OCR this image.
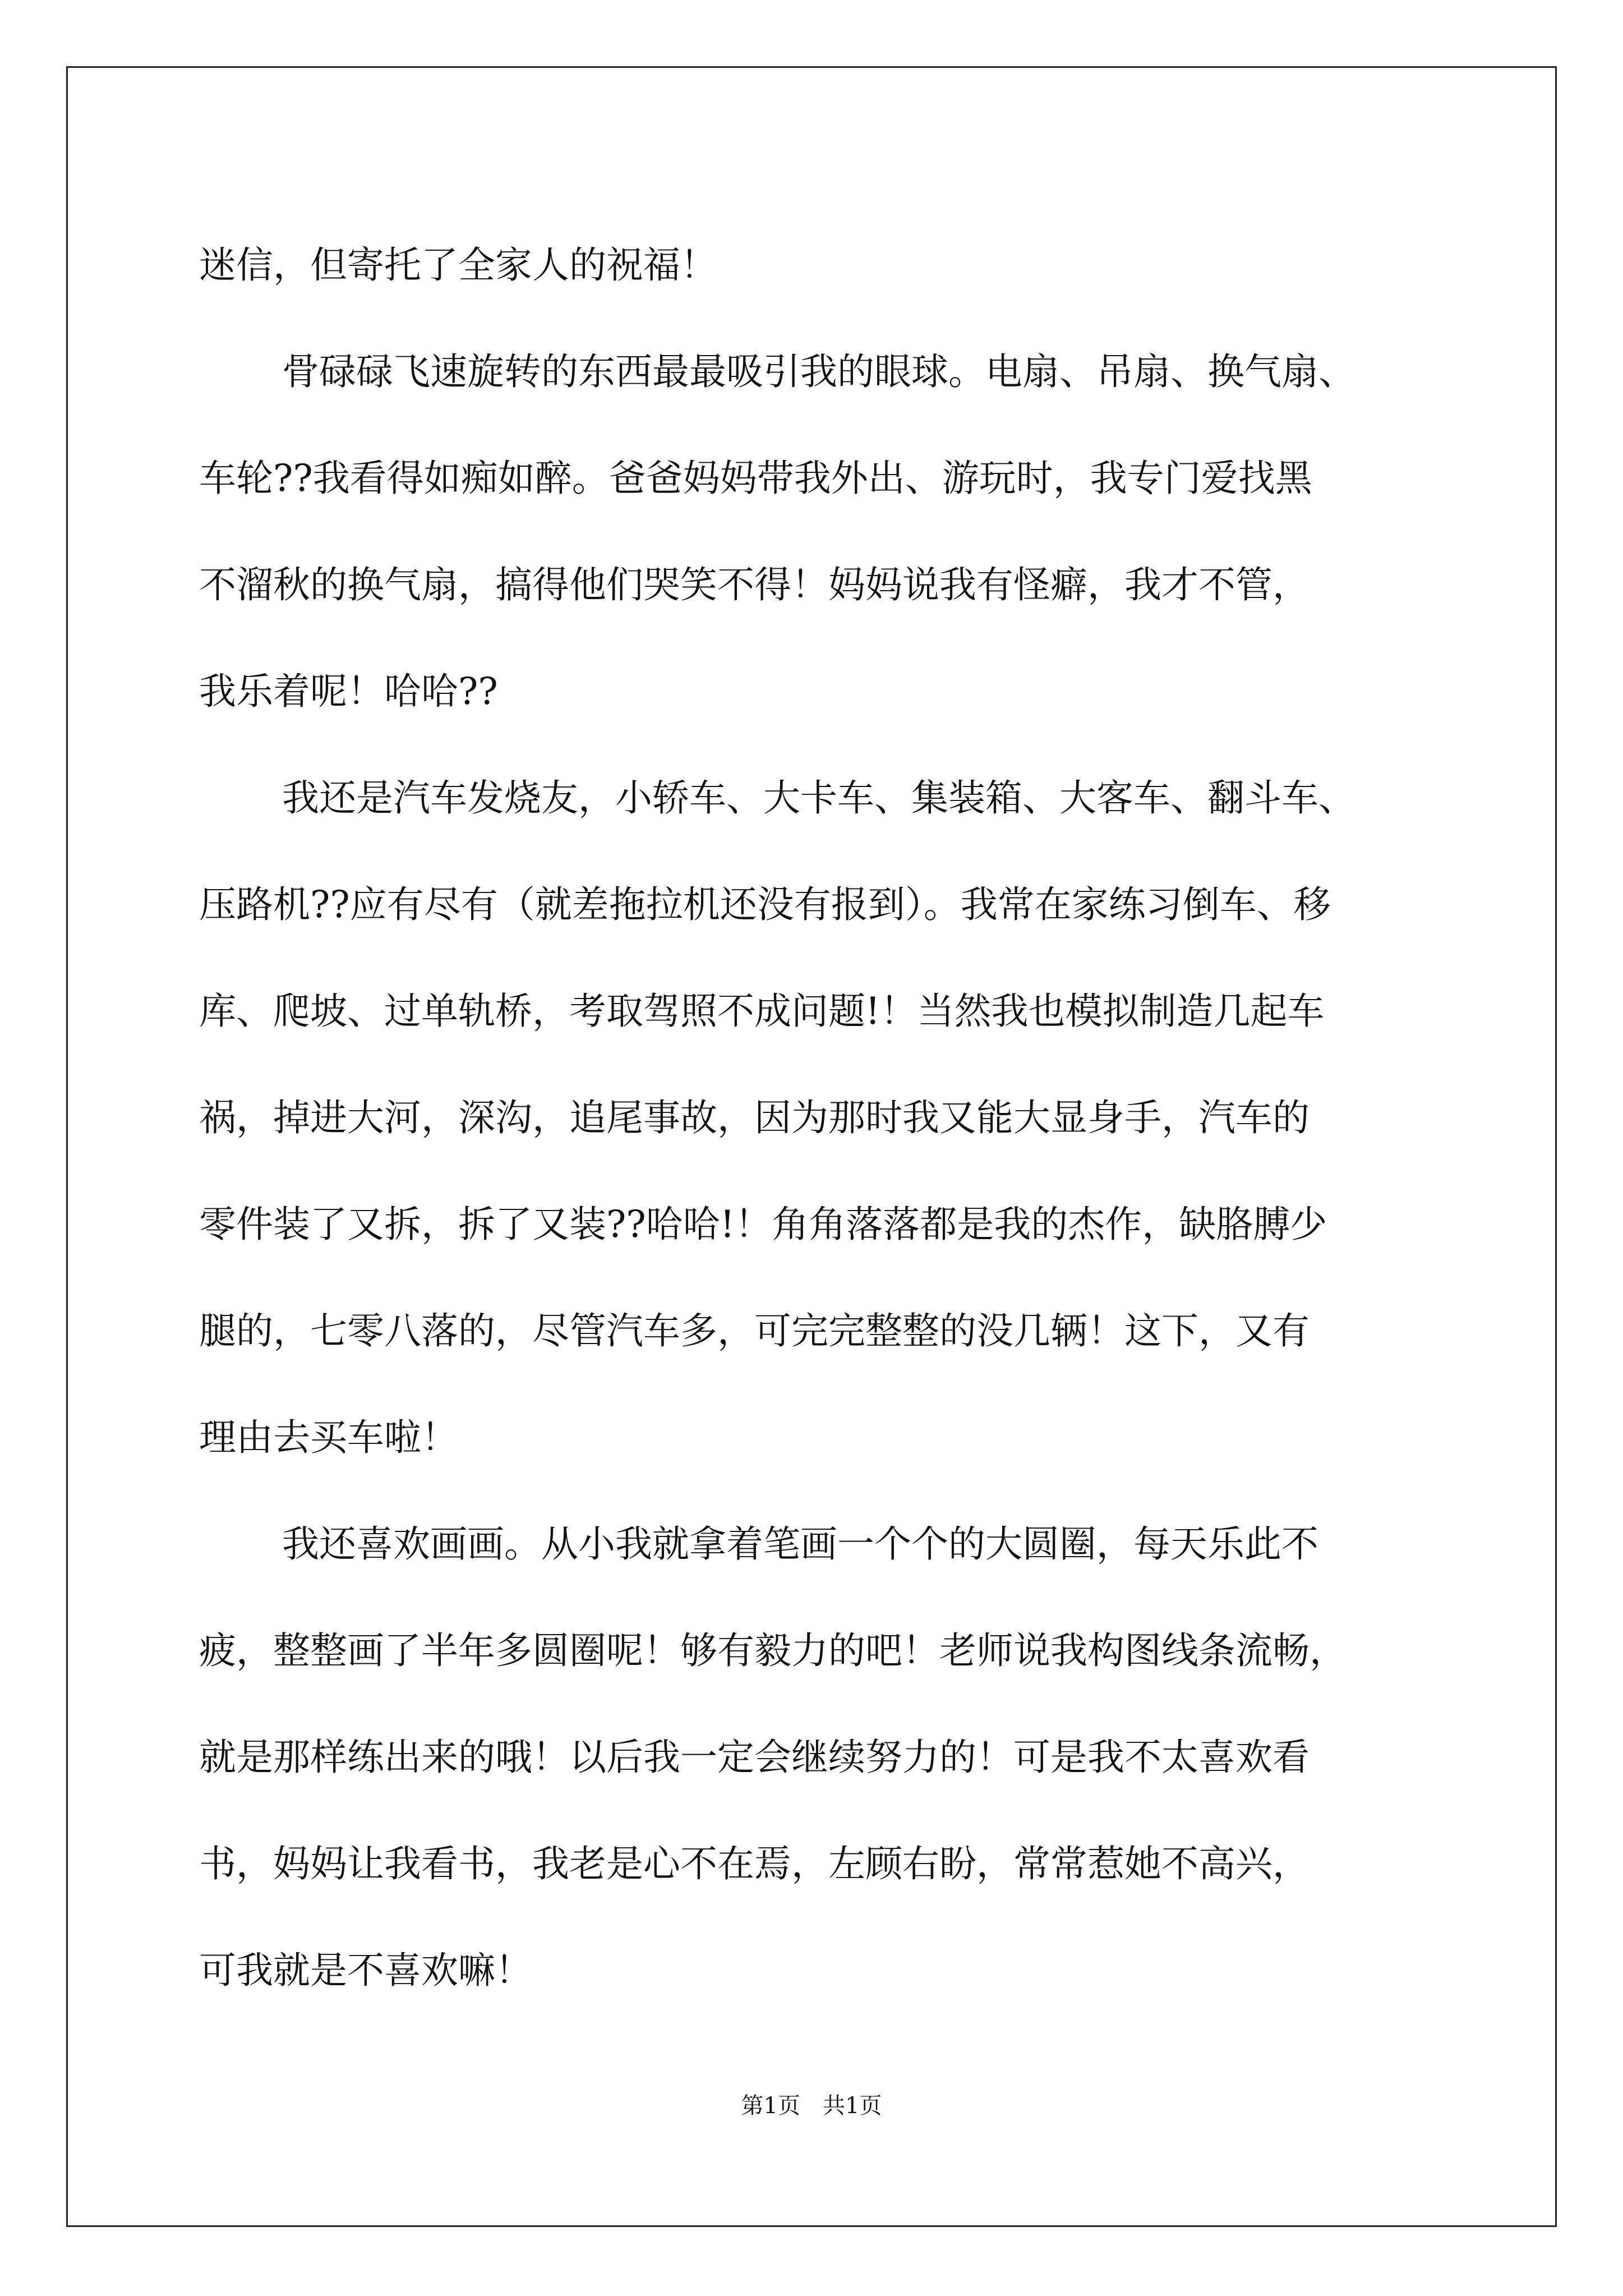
迷信，但寄托了全家人的祝福！
骨碌碌飞速旋转的东西最最吸引我的眼球。电扇、吊扇、换气扇、
车轮??我看得如痴如醉。爸爸妈妈带我外出、游玩时，我专门爱找黑
不溜秋的换气扇，搞得他们哭笑不得！妈妈说我有怪癖，我才不管，
我乐着呢！哈哈??
我还是汽车发烧友，小轿车、大卡车、集装箱、大客车、翻斗车、
压路机??应有尽有（就差拖拉机还没有报到）。我常在家练习倒车、移
库、爬坡、过单轨桥，考取驾照不成问题!！当然我也模拟制造几起车
祸，掉进大河，深沟，追尾事故，因为那时我又能大显身手，汽车的
零件装了又拆，拆了又装??哈哈!！角角落落都是我的杰作，缺胳膊少
腿的，七零八落的，尽管汽车多，可完完整整的没几辆！这下，又有
理由去买车啦！
我还喜欢画画。从小我就拿着笔画一个个的大圆圈，每天乐此不
疲，整整画了半年多圆圈呢！够有毅力的吧！老师说我构图线条流畅，
就是那样练出来的哦！以后我一定会继续努力的！可是我不太喜欢看
书，妈妈让我看书，我老是心不在焉，左顾右盼，常常惹她不高兴，
可我就是不喜欢嘛！
第1页　共1页
